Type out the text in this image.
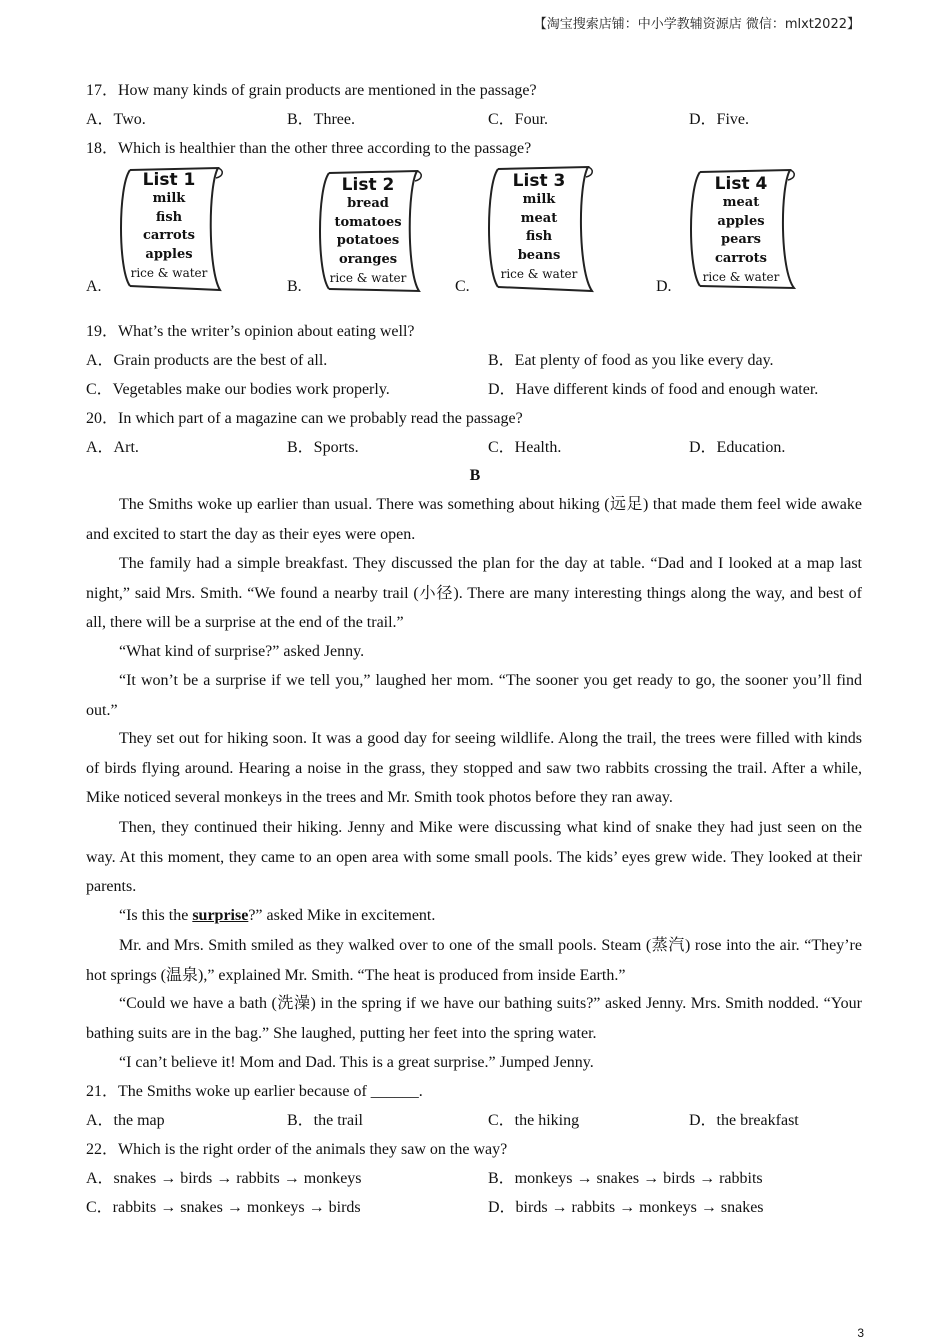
【淘宝搜索店铺：中小学教辅资源店 微信：mlxt2022】
17．How many kinds of grain products are mentioned in the passage?
A．Two.	B．Three.	C．Four.	D．Five.
18．Which is healthier than the other three according to the passage?
A.
List 1
milk
fish
carrots
apples
rice & water
B.
List 2
bread
tomatoes
potatoes
oranges
rice & water	C.
List 3
milk
meat
fish
beans
rice & water
D.
List 4
meat
apples
pears
carrots
rice & water
19．What’s the writer’s opinion about eating well?
A．Grain products are the best of all.	B．Eat plenty of food as you like every day.
C．Vegetables make our bodies work properly.	D．Have different kinds of food and enough water.
20．In which part of a magazine can we probably read the passage?
A．Art.	B．Sports.	C．Health.	D．Education.
B

The Smiths woke up earlier than usual. There was something about hiking (远足) that made them feel wide awake and excited to start the day as their eyes were open.

The family had a simple breakfast. They discussed the plan for the day at table. “Dad and I looked at a map last night,” said Mrs. Smith. “We found a nearby trail (小径). There are many interesting things along the way, and best of all, there will be a surprise at the end of the trail.”

“What kind of surprise?” asked Jenny.

“It won’t be a surprise if we tell you,” laughed her mom. “The sooner you get ready to go, the sooner you’ll find out.”

They set out for hiking soon. It was a good day for seeing wildlife. Along the trail, the trees were filled with kinds of birds flying around. Hearing a noise in the grass, they stopped and saw two rabbits crossing the trail. After a while, Mike noticed several monkeys in the trees and Mr. Smith took photos before they ran away.

Then, they continued their hiking. Jenny and Mike were discussing what kind of snake they had just seen on the way. At this moment, they came to an open area with some small pools. The kids’ eyes grew wide. They looked at their parents.

“Is this the surprise?” asked Mike in excitement.

Mr. and Mrs. Smith smiled as they walked over to one of the small pools. Steam (蒸汽) rose into the air. “They’re hot springs (温泉),” explained Mr. Smith. “The heat is produced from inside Earth.”

“Could we have a bath (洗澡) in the spring if we have our bathing suits?” asked Jenny. Mrs. Smith nodded. “Your bathing suits are in the bag.” She laughed, putting her feet into the spring water.

“I can’t believe it! Mom and Dad. This is a great surprise.” Jumped Jenny.

21．The Smiths woke up earlier because of ______.
A．the map	B．the trail	C．the hiking	D．the breakfast
22．Which is the right order of the animals they saw on the way?
A．snakes → birds → rabbits → monkeys	B．monkeys → snakes → birds → rabbits
C．rabbits → snakes → monkeys → birds	D．birds → rabbits → monkeys → snakes
3
